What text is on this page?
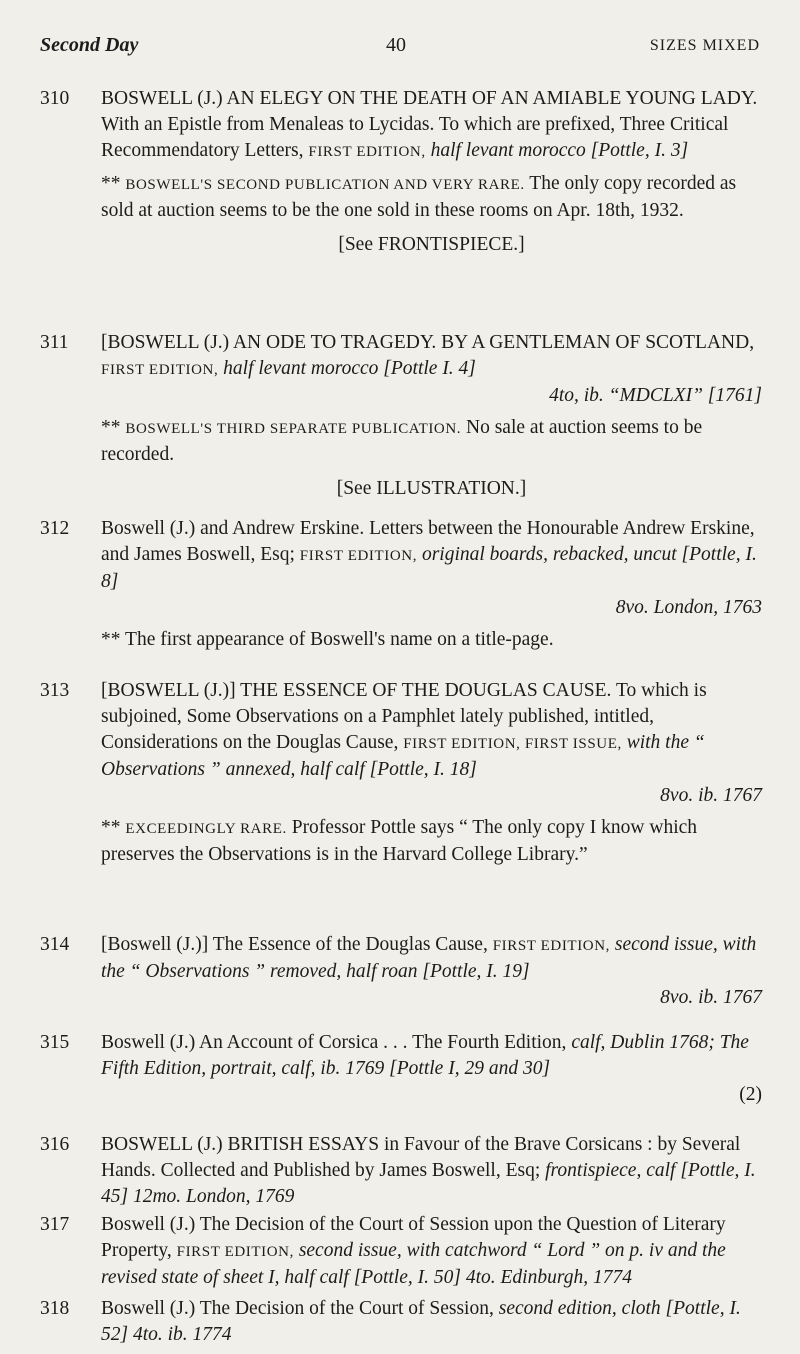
Second Day	40	SIZES MIXED
310	BOSWELL (J.) AN ELEGY ON THE DEATH OF AN AMIABLE YOUNG LADY. With an Epistle from Menaleas to Lycidas. To which are prefixed, Three Critical Recommendatory Letters, FIRST EDITION, half levant morocco [Pottle, I. 3]

** BOSWELL'S SECOND PUBLICATION AND VERY RARE. The only copy recorded as sold at auction seems to be the one sold in these rooms on Apr. 18th, 1932.

[See FRONTISPIECE.]

311	[BOSWELL (J.) AN ODE TO TRAGEDY. BY A GENTLEMAN OF SCOTLAND, FIRST EDITION, half levant morocco [Pottle I. 4]

4to, ib. “MDCLXI” [1761]

** BOSWELL'S THIRD SEPARATE PUBLICATION. No sale at auction seems to be recorded.

[See ILLUSTRATION.]

312	Boswell (J.) and Andrew Erskine. Letters between the Honourable Andrew Erskine, and James Boswell, Esq; FIRST EDITION, original boards, rebacked, uncut [Pottle, I. 8]

8vo. London, 1763

** The first appearance of Boswell's name on a title-page.

313	[BOSWELL (J.)] THE ESSENCE OF THE DOUGLAS CAUSE. To which is subjoined, Some Observations on a Pamphlet lately published, intitled, Considerations on the Douglas Cause, FIRST EDITION, FIRST ISSUE, with the “ Observations ” annexed, half calf [Pottle, I. 18]

8vo. ib. 1767

** EXCEEDINGLY RARE. Professor Pottle says “ The only copy I know which preserves the Observations is in the Harvard College Library.”

314	[Boswell (J.)] The Essence of the Douglas Cause, FIRST EDITION, second issue, with the “ Observations ” removed, half roan [Pottle, I. 19]

8vo. ib. 1767

315	Boswell (J.) An Account of Corsica . . . The Fourth Edition, calf, Dublin 1768; The Fifth Edition, portrait, calf, ib. 1769 [Pottle I, 29 and 30]

(2)

316	BOSWELL (J.) BRITISH ESSAYS in Favour of the Brave Corsicans : by Several Hands. Collected and Published by James Boswell, Esq; frontispiece, calf [Pottle, I. 45] 12mo. London, 1769

317	Boswell (J.) The Decision of the Court of Session upon the Question of Literary Property, FIRST EDITION, second issue, with catchword “ Lord ” on p. iv and the revised state of sheet I, half calf [Pottle, I. 50] 4to. Edinburgh, 1774

318	Boswell (J.) The Decision of the Court of Session, second edition, cloth [Pottle, I. 52] 4to. ib. 1774
